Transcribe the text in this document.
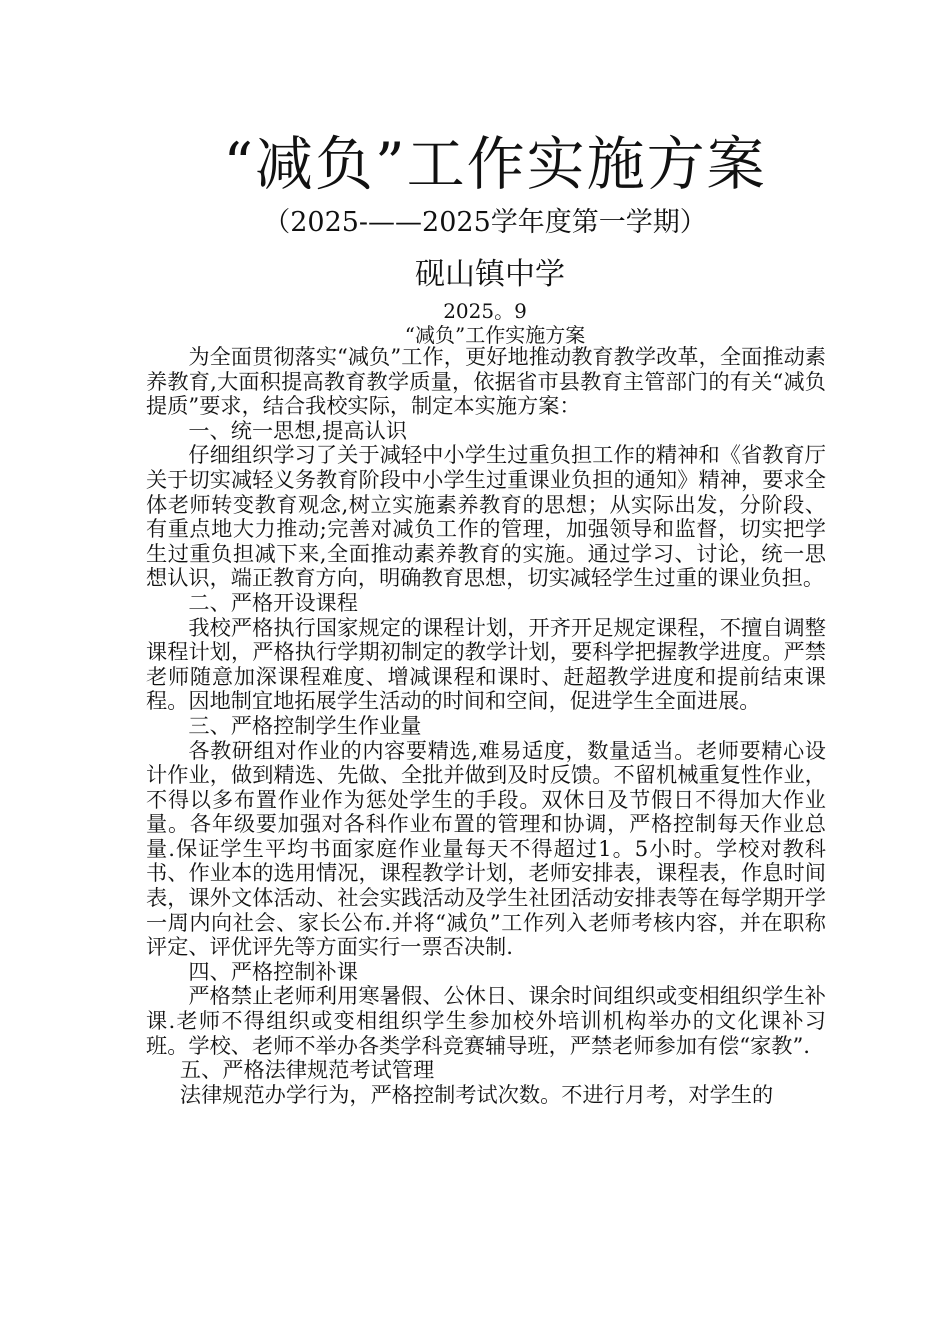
“减负”工作实施方案
（2025-——2025学年度第一学期）
砚山镇中学
2025。9
“减负”工作实施方案

为全面贯彻落实“减负”工作，更好地推动教育教学改革，全面推动素养教育,大面积提高教育教学质量，依据省市县教育主管部门的有关“减负提质”要求，结合我校实际，制定本实施方案：

一、统一思想,提高认识

仔细组织学习了关于减轻中小学生过重负担工作的精神和《省教育厅关于切实减轻义务教育阶段中小学生过重课业负担的通知》精神，要求全体老师转变教育观念,树立实施素养教育的思想；从实际出发，分阶段、有重点地大力推动;完善对减负工作的管理，加强领导和监督，切实把学生过重负担减下来,全面推动素养教育的实施。通过学习、讨论，统一思想认识，端正教育方向，明确教育思想，切实减轻学生过重的课业负担。

二、严格开设课程

我校严格执行国家规定的课程计划，开齐开足规定课程，不擅自调整课程计划，严格执行学期初制定的教学计划，要科学把握教学进度。严禁老师随意加深课程难度、增减课程和课时、赶超教学进度和提前结束课程。因地制宜地拓展学生活动的时间和空间，促进学生全面进展。

三、严格控制学生作业量

各教研组对作业的内容要精选,难易适度，数量适当。老师要精心设计作业，做到精选、先做、全批并做到及时反馈。不留机械重复性作业，不得以多布置作业作为惩处学生的手段。双休日及节假日不得加大作业量。各年级要加强对各科作业布置的管理和协调，严格控制每天作业总量.保证学生平均书面家庭作业量每天不得超过1。5小时。学校对教科书、作业本的选用情况，课程教学计划，老师安排表，课程表，作息时间表，课外文体活动、社会实践活动及学生社团活动安排表等在每学期开学一周内向社会、家长公布.并将“减负”工作列入老师考核内容，并在职称评定、评优评先等方面实行一票否决制.

四、严格控制补课

严格禁止老师利用寒暑假、公休日、课余时间组织或变相组织学生补课.老师不得组织或变相组织学生参加校外培训机构举办的文化课补习班。学校、老师不举办各类学科竞赛辅导班，严禁老师参加有偿“家教”.

五、严格法律规范考试管理

法律规范办学行为，严格控制考试次数。不进行月考，对学生的
